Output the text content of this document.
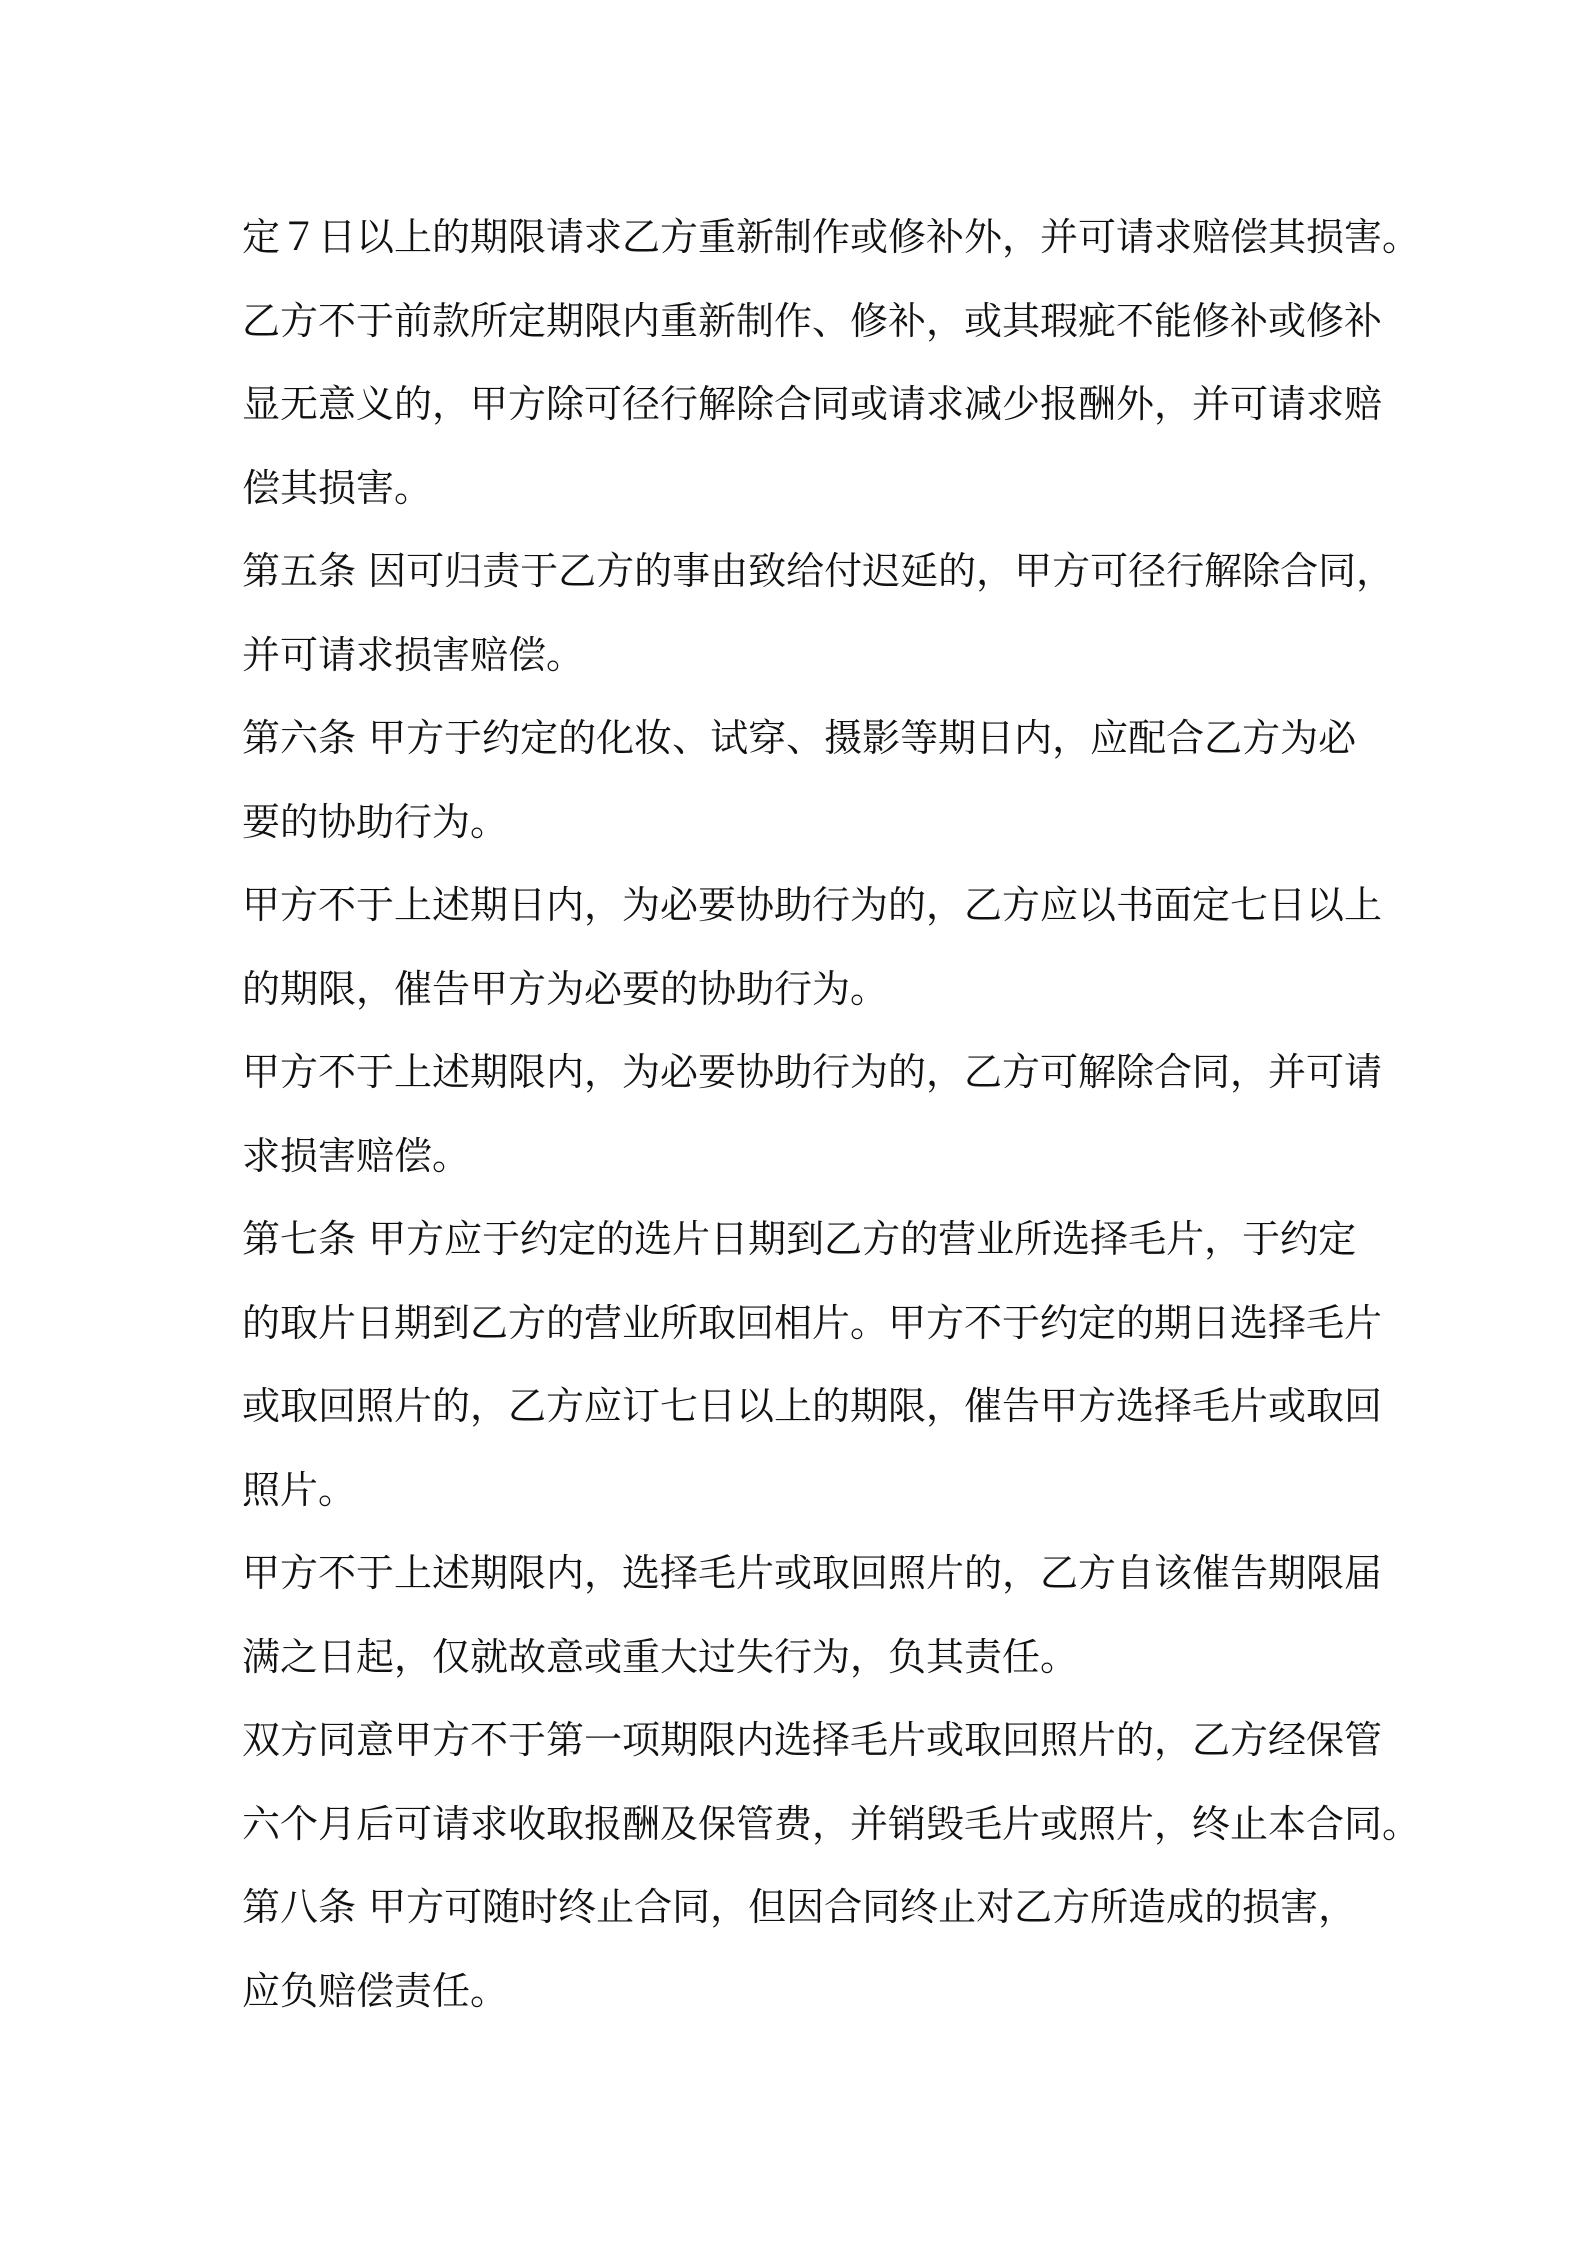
定７日以上的期限请求乙方重新制作或修补外，并可请求赔偿其损害。
乙方不于前款所定期限内重新制作、修补，或其瑕疵不能修补或修补
显无意义的，甲方除可径行解除合同或请求减少报酬外，并可请求赔
偿其损害。
第五条 因可归责于乙方的事由致给付迟延的，甲方可径行解除合同，
并可请求损害赔偿。
第六条 甲方于约定的化妆、试穿、摄影等期日内，应配合乙方为必
要的协助行为。
甲方不于上述期日内，为必要协助行为的，乙方应以书面定七日以上
的期限，催告甲方为必要的协助行为。
甲方不于上述期限内，为必要协助行为的，乙方可解除合同，并可请
求损害赔偿。
第七条 甲方应于约定的选片日期到乙方的营业所选择毛片，于约定
的取片日期到乙方的营业所取回相片。甲方不于约定的期日选择毛片
或取回照片的，乙方应订七日以上的期限，催告甲方选择毛片或取回
照片。
甲方不于上述期限内，选择毛片或取回照片的，乙方自该催告期限届
满之日起，仅就故意或重大过失行为，负其责任。
双方同意甲方不于第一项期限内选择毛片或取回照片的，乙方经保管
六个月后可请求收取报酬及保管费，并销毁毛片或照片，终止本合同。
第八条 甲方可随时终止合同，但因合同终止对乙方所造成的损害，
应负赔偿责任。
